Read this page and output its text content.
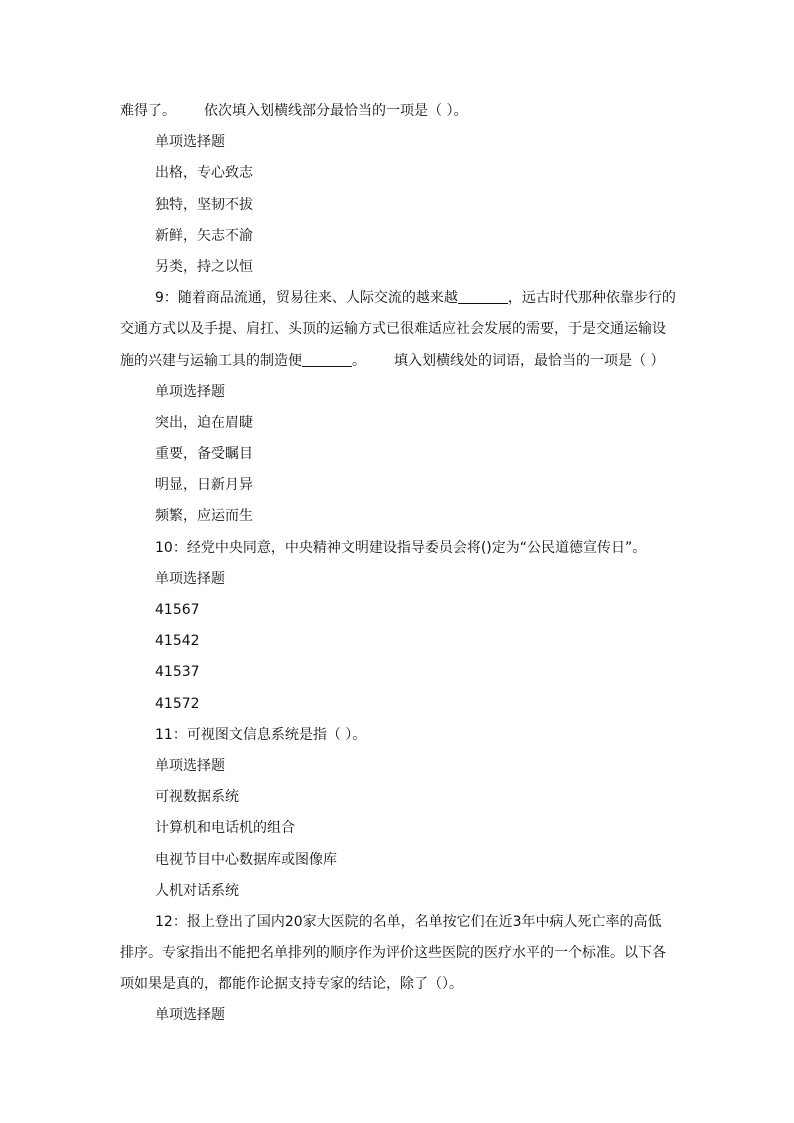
难得了。 依次填入划横线部分最恰当的一项是（ ）。
单项选择题
出格，专心致志
独特，坚韧不拔
新鲜，矢志不渝
另类，持之以恒
9：随着商品流通，贸易往来、人际交流的越来越	，远古时代那种依靠步行的
交通方式以及手提、肩扛、头顶的运输方式已很难适应社会发展的需要，于是交通运输设
施的兴建与运输工具的制造便	。 填入划横线处的词语，最恰当的一项是（ ）
单项选择题
突出，迫在眉睫
重要，备受瞩目
明显，日新月异
频繁，应运而生
10：经党中央同意，中央精神文明建设指导委员会将()定为“公民道德宣传日”。
单项选择题
41567
41542
41537
41572
11：可视图文信息系统是指（ ）。
单项选择题
可视数据系统
计算机和电话机的组合
电视节目中心数据库或图像库
人机对话系统
12：报上登出了国内20家大医院的名单，名单按它们在近3年中病人死亡率的高低
排序。专家指出不能把名单排列的顺序作为评价这些医院的医疗水平的一个标准。以下各
项如果是真的，都能作论据支持专家的结论，除了（）。
单项选择题
